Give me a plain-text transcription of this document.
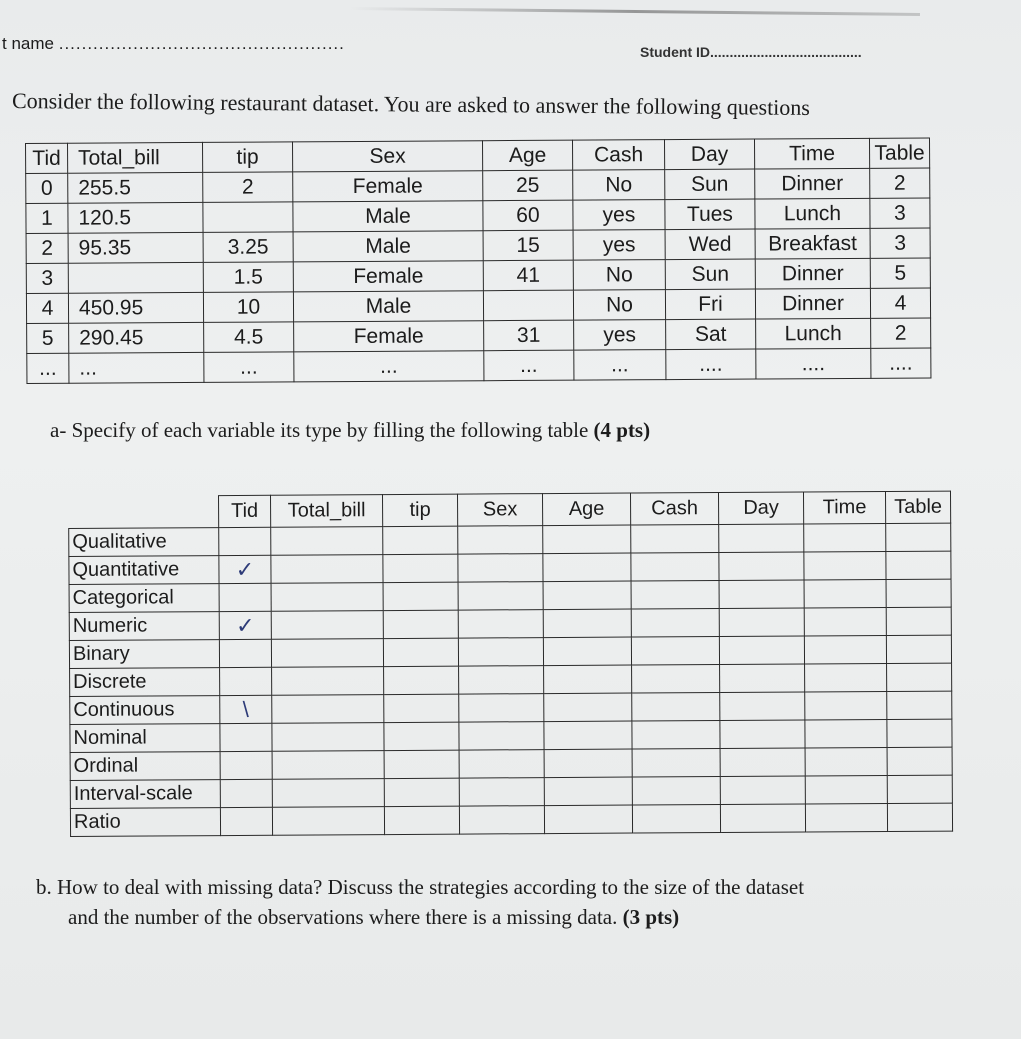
t name ..................................................	Student ID.......................................
Consider the following restaurant dataset. You are asked to answer the following questions
Tid	Total_bill	tip	Sex	Age	Cash	Day	Time	Table
0	255.5	2	Female	25	No	Sun	Dinner	2
1	120.5		Male	60	yes	Tues	Lunch	3
2	95.35	3.25	Male	15	yes	Wed	Breakfast	3
3		1.5	Female	41	No	Sun	Dinner	5
4	450.95	10	Male		No	Fri	Dinner	4
5	290.45	4.5	Female	31	yes	Sat	Lunch	2
...	...	...	...	...	...	....	....	....
a- Specify of each variable its type by filling the following table (4 pts)
	Tid	Total_bill	tip	Sex	Age	Cash	Day	Time	Table
Qualitative									
Quantitative	✓								
Categorical									
Numeric	✓								
Binary									
Discrete									
Continuous	\								
Nominal									
Ordinal									
Interval-scale									
Ratio									
b. How to deal with missing data? Discuss the strategies according to the size of the dataset
and the number of the observations where there is a missing data. (3 pts)
